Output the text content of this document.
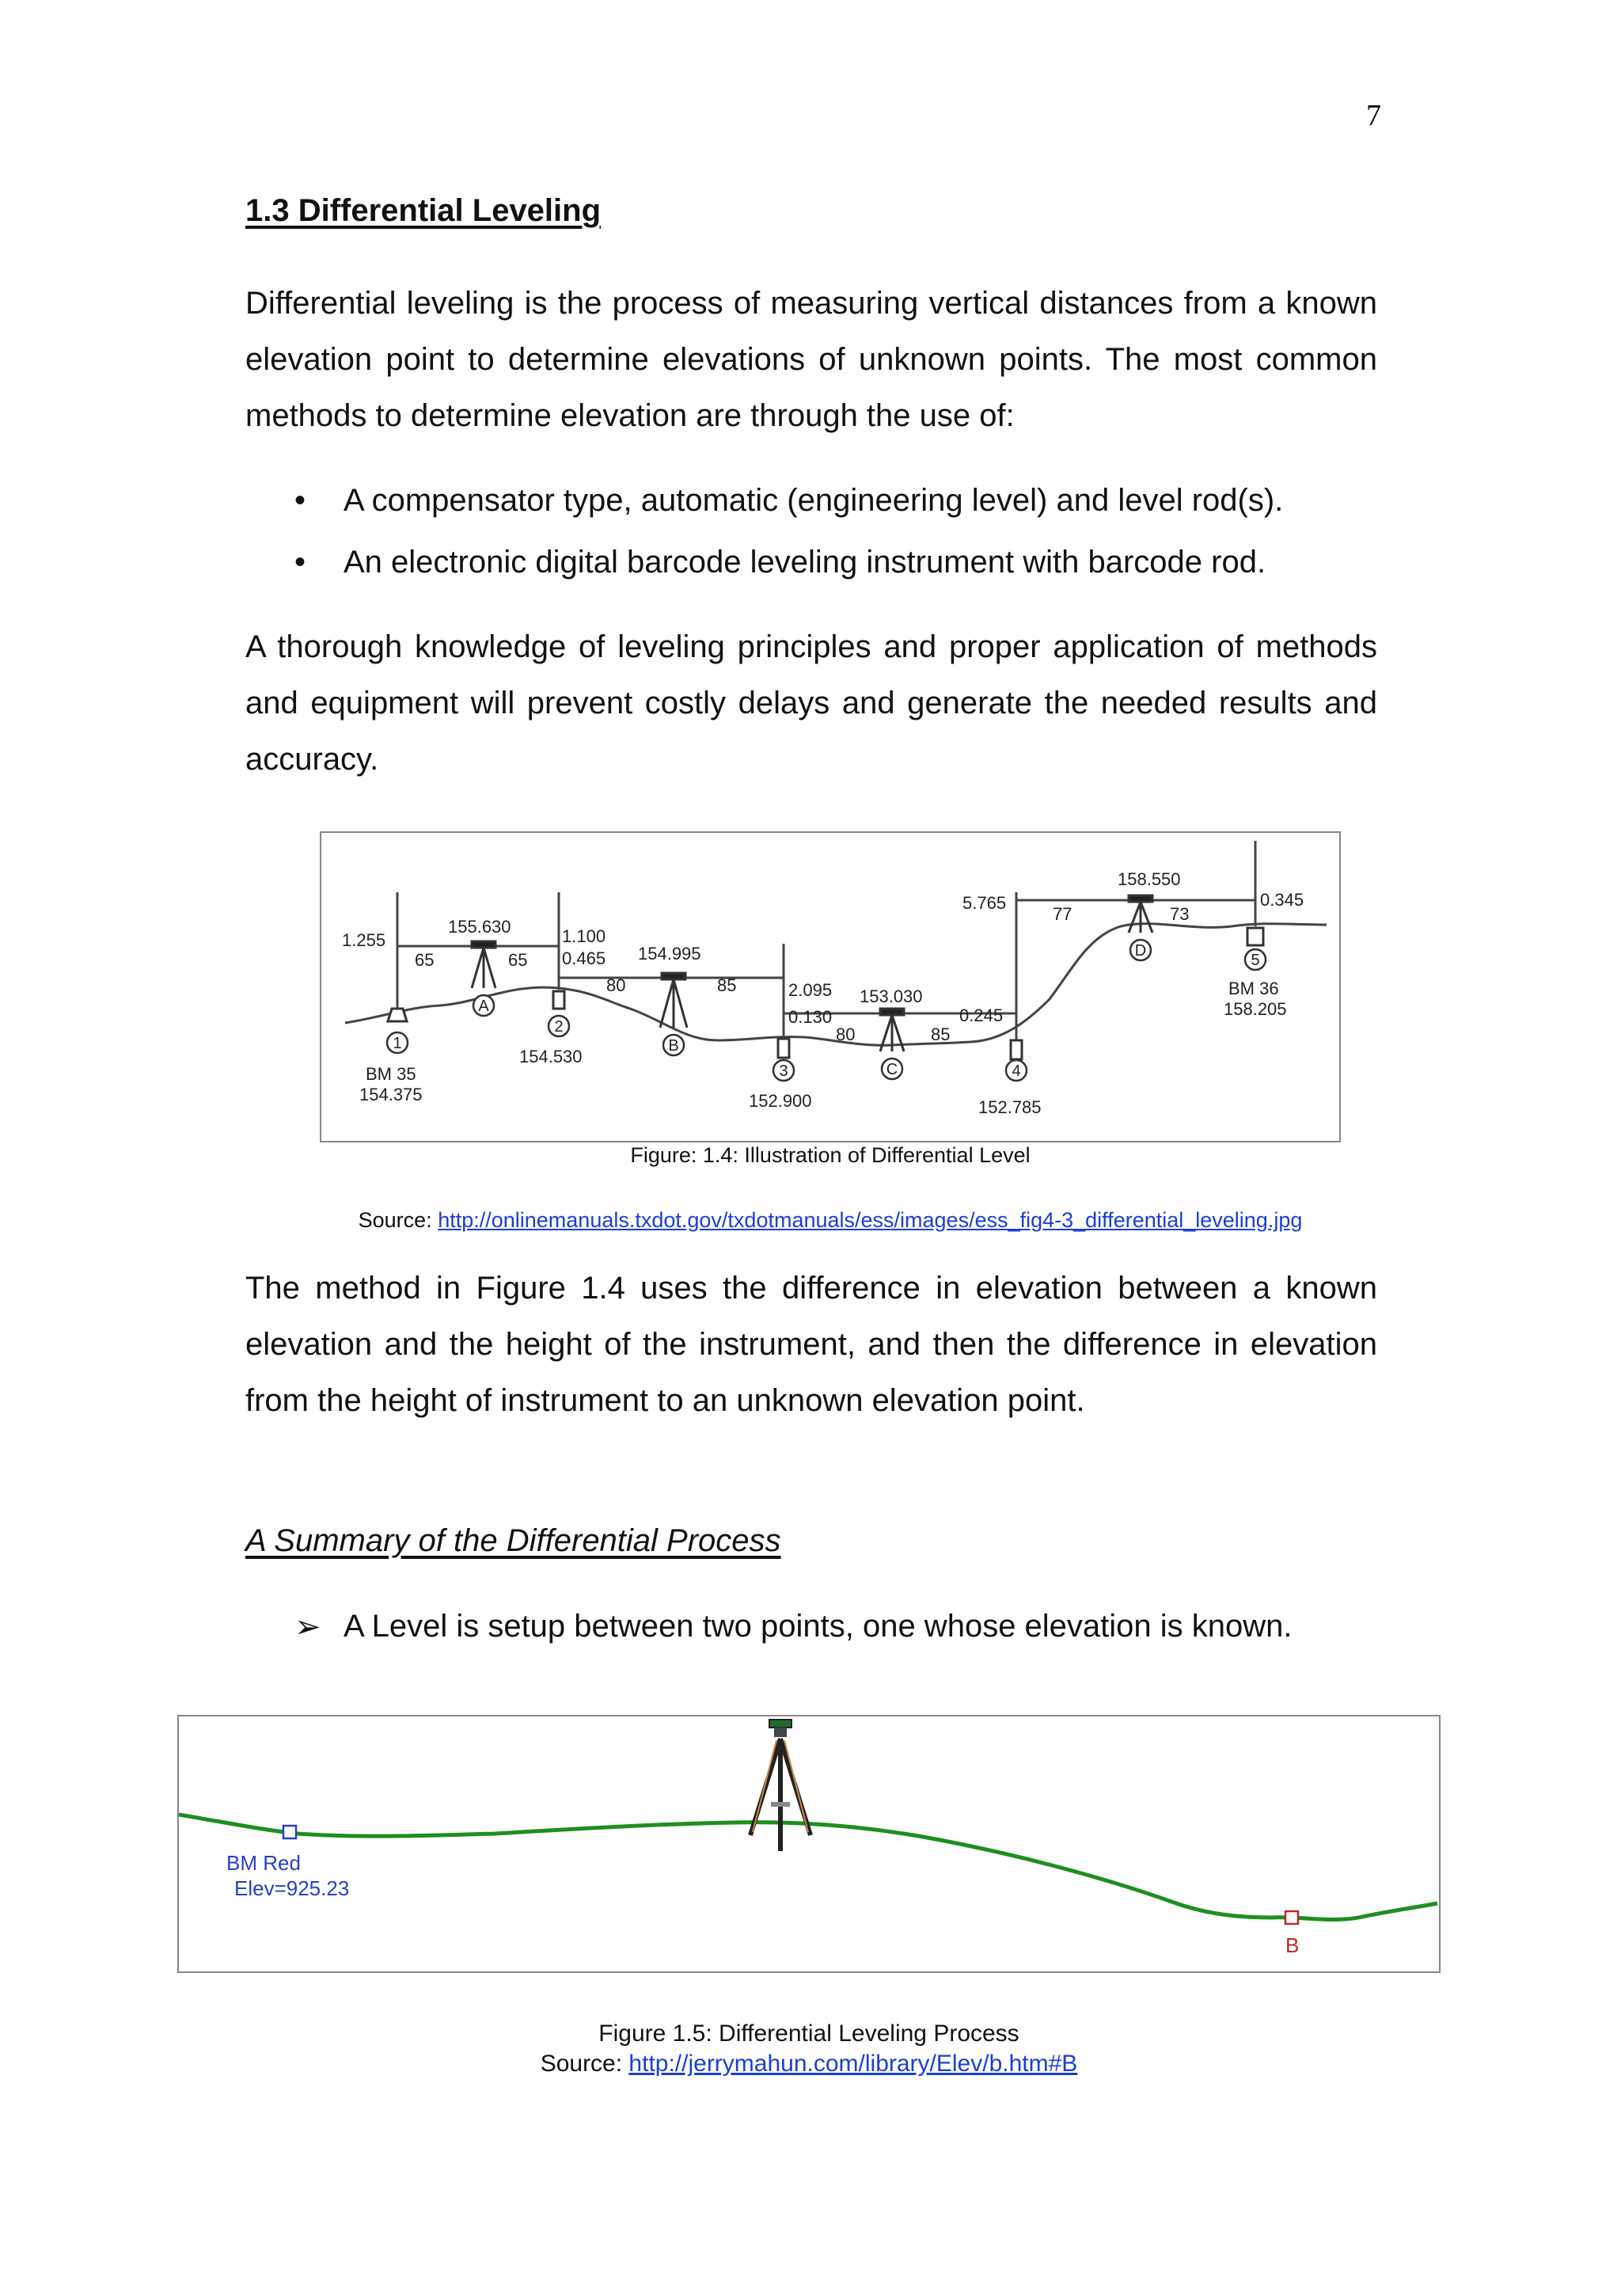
7
1.3 Differential Leveling
Differential leveling is the process of measuring vertical distances from a known elevation point to determine elevations of unknown points. The most common methods to determine elevation are through the use of:
•	A compensator type, automatic (engineering level) and level rod(s).
•	An electronic digital barcode leveling instrument with barcode rod.
A thorough knowledge of leveling principles and proper application of methods and equipment will prevent costly delays and generate the needed results and accuracy.
1
2
3	4
5
A
B
C
D
1.255
155.630
65	65
1.100
0.465 154.995
80	85	2.095
0.130
153.030
80	85
0.245
5.765
158.550
77	73
0.345
BM 35
154.375
154.530
152.900	152.785
BM 36
158.205
Figure: 1.4: Illustration of Differential Level
Source: http://onlinemanuals.txdot.gov/txdotmanuals/ess/images/ess_fig4-3_differential_leveling.jpg
The method in Figure 1.4 uses the difference in elevation between a known elevation and the height of the instrument, and then the difference in elevation from the height of instrument to an unknown elevation point.
A Summary of the Differential Process
➢ A Level is setup between two points, one whose elevation is known.
BM Red
Elev=925.23
B
Figure 1.5: Differential Leveling Process
Source: http://jerrymahun.com/library/Elev/b.htm#B
